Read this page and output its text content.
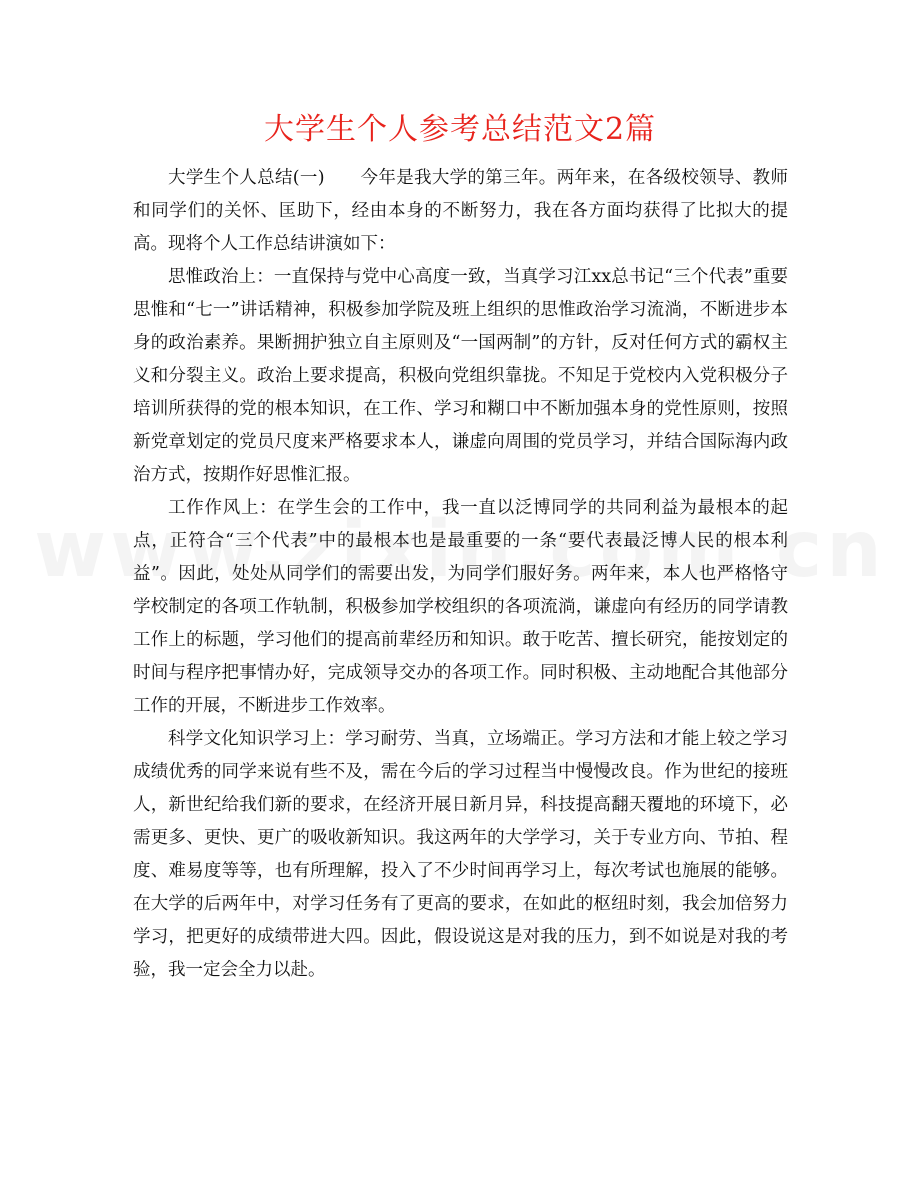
大学生个人参考总结范文2篇

大学生个人总结(一)　　今年是我大学的第三年。两年来，在各级校领导、教师和同学们的关怀、匡助下，经由本身的不断努力，我在各方面均获得了比拟大的提高。现将个人工作总结讲演如下：

思惟政治上：一直保持与党中心高度一致，当真学习江xx总书记“三个代表”重要思惟和“七一”讲话精神，积极参加学院及班上组织的思惟政治学习流淌，不断进步本身的政治素养。果断拥护独立自主原则及“一国两制”的方针，反对任何方式的霸权主义和分裂主义。政治上要求提高，积极向党组织靠拢。不知足于党校内入党积极分子培训所获得的党的根本知识，在工作、学习和糊口中不断加强本身的党性原则，按照新党章划定的党员尺度来严格要求本人，谦虚向周围的党员学习，并结合国际海内政治方式，按期作好思惟汇报。

工作作风上：在学生会的工作中，我一直以泛博同学的共同利益为最根本的起点，正符合“三个代表”中的最根本也是最重要的一条“要代表最泛博人民的根本利益”。因此，处处从同学们的需要出发，为同学们服好务。两年来，本人也严格恪守学校制定的各项工作轨制，积极参加学校组织的各项流淌，谦虚向有经历的同学请教工作上的标题，学习他们的提高前辈经历和知识。敢于吃苦、擅长研究，能按划定的时间与程序把事情办好，完成领导交办的各项工作。同时积极、主动地配合其他部分工作的开展，不断进步工作效率。

科学文化知识学习上：学习耐劳、当真，立场端正。学习方法和才能上较之学习成绩优秀的同学来说有些不及，需在今后的学习过程当中慢慢改良。作为世纪的接班人，新世纪给我们新的要求，在经济开展日新月异，科技提高翻天覆地的环境下，必需更多、更快、更广的吸收新知识。我这两年的大学学习，关于专业方向、节拍、程度、难易度等等，也有所理解，投入了不少时间再学习上，每次考试也施展的能够。在大学的后两年中，对学习任务有了更高的要求，在如此的枢纽时刻，我会加倍努力学习，把更好的成绩带进大四。因此，假设说这是对我的压力，到不如说是对我的考验，我一定会全力以赴。
